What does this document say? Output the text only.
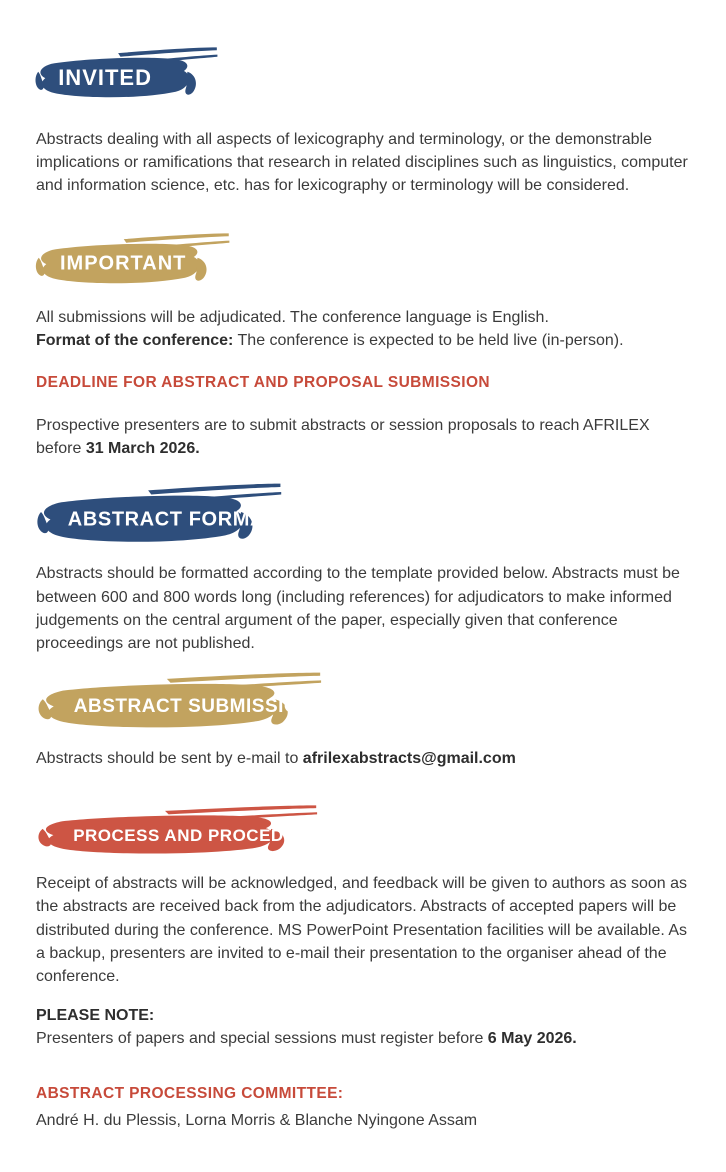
INVITED

Abstracts dealing with all aspects of lexicography and terminology, or the demonstrable implications or ramifications that research in related disciplines such as linguistics, computer and information science, etc. has for lexicography or terminology will be considered.

IMPORTANT

All submissions will be adjudicated. The conference language is English.
Format of the conference: The conference is expected to be held live (in-person).

DEADLINE FOR ABSTRACT AND PROPOSAL SUBMISSION

Prospective presenters are to submit abstracts or session proposals to reach AFRILEX before 31 March 2026.

ABSTRACT FORMAT

Abstracts should be formatted according to the template provided below. Abstracts must be between 600 and 800 words long (including references) for adjudicators to make informed judgements on the central argument of the paper, especially given that conference proceedings are not published.

ABSTRACT SUBMISSION

Abstracts should be sent by e-mail to afrilexabstracts@gmail.com

PROCESS AND PROCEDURES

Receipt of abstracts will be acknowledged, and feedback will be given to authors as soon as the abstracts are received back from the adjudicators. Abstracts of accepted papers will be distributed during the conference. MS PowerPoint Presentation facilities will be available. As a backup, presenters are invited to e-mail their presentation to the organiser ahead of the conference.

PLEASE NOTE:
Presenters of papers and special sessions must register before 6 May 2026.

ABSTRACT PROCESSING COMMITTEE:

André H. du Plessis, Lorna Morris & Blanche Nyingone Assam
